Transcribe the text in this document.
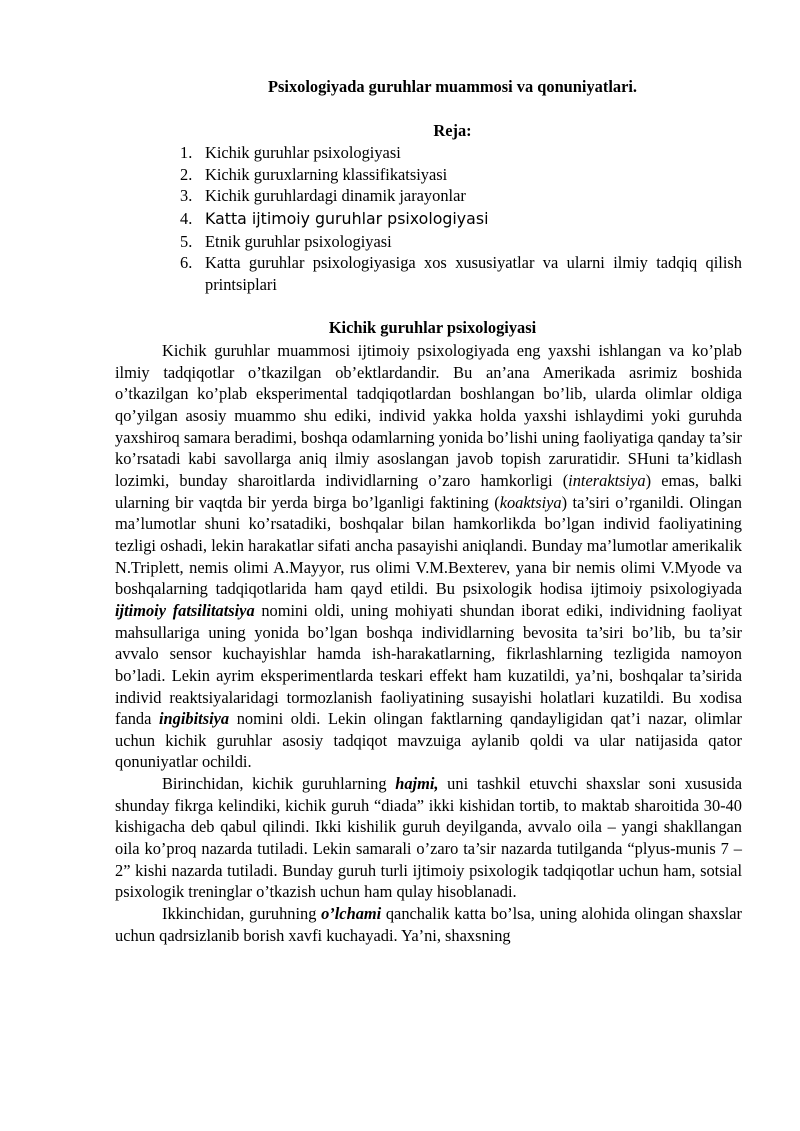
Psixologiyada guruhlar muammosi va qonuniyatlari.
Reja:
1. Kichik guruhlar psixologiyasi
2. Kichik guruxlarning klassifikatsiyasi
3. Kichik guruhlardagi dinamik jarayonlar
4. Katta ijtimoiy guruhlar psixologiyasi
5. Etnik guruhlar psixologiyasi
6. Katta guruhlar psixologiyasiga xos xususiyatlar va ularni ilmiy tadqiq qilish printsiplari
Kichik guruhlar psixologiyasi

Kichik guruhlar muammosi ijtimoiy psixologiyada eng yaxshi ishlangan va ko’plab ilmiy tadqiqotlar o’tkazilgan ob’ektlardandir. Bu an’ana Amerikada asrimiz boshida o’tkazilgan ko’plab eksperimental tadqiqotlardan boshlangan bo’lib, ularda olimlar oldiga qo’yilgan asosiy muammo shu ediki, individ yakka holda yaxshi ishlaydimi yoki guruhda yaxshiroq samara beradimi, boshqa odamlarning yonida bo’lishi uning faoliyatiga qanday ta’sir ko’rsatadi kabi savollarga aniq ilmiy asoslangan javob topish zaruratidir. SHuni ta’kidlash lozimki, bunday sharoitlarda individlarning o’zaro hamkorligi (interaktsiya) emas, balki ularning bir vaqtda bir yerda birga bo’lganligi faktining (koaktsiya) ta’siri o’rganildi. Olingan ma’lumotlar shuni ko’rsatadiki, boshqalar bilan hamkorlikda bo’lgan individ faoliyatining tezligi oshadi, lekin harakatlar sifati ancha pasayishi aniqlandi. Bunday ma’lumotlar amerikalik N.Triplett, nemis olimi A.Mayyor, rus olimi V.M.Bexterev, yana bir nemis olimi V.Myode va boshqalarning tadqiqotlarida ham qayd etildi. Bu psixologik hodisa ijtimoiy psixologiyada ijtimoiy fatsilitatsiya nomini oldi, uning mohiyati shundan iborat ediki, individning faoliyat mahsullariga uning yonida bo’lgan boshqa individlarning bevosita ta’siri bo’lib, bu ta’sir avvalo sensor kuchayishlar hamda ish-harakatlarning, fikrlashlarning tezligida namoyon bo’ladi. Lekin ayrim eksperimentlarda teskari effekt ham kuzatildi, ya’ni, boshqalar ta’sirida individ reaktsiyalaridagi tormozlanish faoliyatining susayishi holatlari kuzatildi. Bu xodisa fanda ingibitsiya nomini oldi. Lekin olingan faktlarning qandayligidan qat’i nazar, olimlar uchun kichik guruhlar asosiy tadqiqot mavzuiga aylanib qoldi va ular natijasida qator qonuniyatlar ochildi.

Birinchidan, kichik guruhlarning hajmi, uni tashkil etuvchi shaxslar soni xususida shunday fikrga kelindiki, kichik guruh “diada” ikki kishidan tortib, to maktab sharoitida 30-40 kishigacha deb qabul qilindi. Ikki kishilik guruh deyilganda, avvalo oila – yangi shakllangan oila ko’proq nazarda tutiladi. Lekin samarali o’zaro ta’sir nazarda tutilganda “plyus-munis 7 – 2” kishi nazarda tutiladi. Bunday guruh turli ijtimoiy psixologik tadqiqotlar uchun ham, sotsial psixologik treninglar o’tkazish uchun ham qulay hisoblanadi.

Ikkinchidan, guruhning o’lchami qanchalik katta bo’lsa, uning alohida olingan shaxslar uchun qadrsizlanib borish xavfi kuchayadi. Ya’ni, shaxsning
